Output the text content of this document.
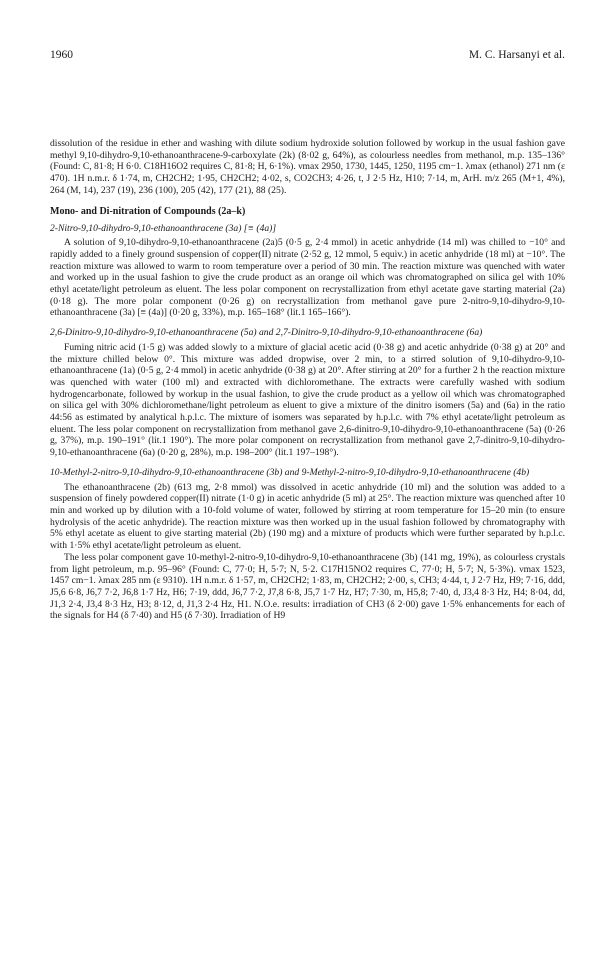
1960	M. C. Harsanyi et al.

dissolution of the residue in ether and washing with dilute sodium hydroxide solution followed by workup in the usual fashion gave methyl 9,10-dihydro-9,10-ethanoanthracene-9-carboxylate (2k) (8·02 g, 64%), as colourless needles from methanol, m.p. 135–136° (Found: C, 81·8; H 6·0. C18H16O2 requires C, 81·8; H, 6·1%). νmax 2950, 1730, 1445, 1250, 1195 cm−1. λmax (ethanol) 271 nm (ε 470). 1H n.m.r. δ 1·74, m, CH2CH2; 1·95, CH2CH2; 4·02, s, CO2CH3; 4·26, t, J 2·5 Hz, H10; 7·14, m, ArH. m/z 265 (M+1, 4%), 264 (M, 14), 237 (19), 236 (100), 205 (42), 177 (21), 88 (25).

Mono- and Di-nitration of Compounds (2a–k)
2-Nitro-9,10-dihydro-9,10-ethanoanthracene (3a) [≡ (4a)]

A solution of 9,10-dihydro-9,10-ethanoanthracene (2a)5 (0·5 g, 2·4 mmol) in acetic anhydride (14 ml) was chilled to −10° and rapidly added to a finely ground suspension of copper(II) nitrate (2·52 g, 12 mmol, 5 equiv.) in acetic anhydride (18 ml) at −10°. The reaction mixture was allowed to warm to room temperature over a period of 30 min. The reaction mixture was quenched with water and worked up in the usual fashion to give the crude product as an orange oil which was chromatographed on silica gel with 10% ethyl acetate/light petroleum as eluent. The less polar component on recrystallization from ethyl acetate gave starting material (2a) (0·18 g). The more polar component (0·26 g) on recrystallization from methanol gave pure 2-nitro-9,10-dihydro-9,10-ethanoanthracene (3a) [≡ (4a)] (0·20 g, 33%), m.p. 165–168° (lit.1 165–166°).

2,6-Dinitro-9,10-dihydro-9,10-ethanoanthracene (5a) and 2,7-Dinitro-9,10-dihydro-9,10-ethanoanthracene (6a)

Fuming nitric acid (1·5 g) was added slowly to a mixture of glacial acetic acid (0·38 g) and acetic anhydride (0·38 g) at 20° and the mixture chilled below 0°. This mixture was added dropwise, over 2 min, to a stirred solution of 9,10-dihydro-9,10-ethanoanthracene (1a) (0·5 g, 2·4 mmol) in acetic anhydride (0·38 g) at 20°. After stirring at 20° for a further 2 h the reaction mixture was quenched with water (100 ml) and extracted with dichloromethane. The extracts were carefully washed with sodium hydrogencarbonate, followed by workup in the usual fashion, to give the crude product as a yellow oil which was chromatographed on silica gel with 30% dichloromethane/light petroleum as eluent to give a mixture of the dinitro isomers (5a) and (6a) in the ratio 44:56 as estimated by analytical h.p.l.c. The mixture of isomers was separated by h.p.l.c. with 7% ethyl acetate/light petroleum as eluent. The less polar component on recrystallization from methanol gave 2,6-dinitro-9,10-dihydro-9,10-ethanoanthracene (5a) (0·26 g, 37%), m.p. 190–191° (lit.1 190°). The more polar component on recrystallization from methanol gave 2,7-dinitro-9,10-dihydro-9,10-ethanoanthracene (6a) (0·20 g, 28%), m.p. 198–200° (lit.1 197–198°).

10-Methyl-2-nitro-9,10-dihydro-9,10-ethanoanthracene (3b) and 9-Methyl-2-nitro-9,10-dihydro-9,10-ethanoanthracene (4b)

The ethanoanthracene (2b) (613 mg, 2·8 mmol) was dissolved in acetic anhydride (10 ml) and the solution was added to a suspension of finely powdered copper(II) nitrate (1·0 g) in acetic anhydride (5 ml) at 25°. The reaction mixture was quenched after 10 min and worked up by dilution with a 10-fold volume of water, followed by stirring at room temperature for 15–20 min (to ensure hydrolysis of the acetic anhydride). The reaction mixture was then worked up in the usual fashion followed by chromatography with 5% ethyl acetate as eluent to give starting material (2b) (190 mg) and a mixture of products which were further separated by h.p.l.c. with 1·5% ethyl acetate/light petroleum as eluent.

The less polar component gave 10-methyl-2-nitro-9,10-dihydro-9,10-ethanoanthracene (3b) (141 mg, 19%), as colourless crystals from light petroleum, m.p. 95–96° (Found: C, 77·0; H, 5·7; N, 5·2. C17H15NO2 requires C, 77·0; H, 5·7; N, 5·3%). νmax 1523, 1457 cm−1. λmax 285 nm (ε 9310). 1H n.m.r. δ 1·57, m, CH2CH2; 1·83, m, CH2CH2; 2·00, s, CH3; 4·44, t, J 2·7 Hz, H9; 7·16, ddd, J5,6 6·8, J6,7 7·2, J6,8 1·7 Hz, H6; 7·19, ddd, J6,7 7·2, J7,8 6·8, J5,7 1·7 Hz, H7; 7·30, m, H5,8; 7·40, d, J3,4 8·3 Hz, H4; 8·04, dd, J1,3 2·4, J3,4 8·3 Hz, H3; 8·12, d, J1,3 2·4 Hz, H1. N.O.e. results: irradiation of CH3 (δ 2·00) gave 1·5% enhancements for each of the signals for H4 (δ 7·40) and H5 (δ 7·30). Irradiation of H9
